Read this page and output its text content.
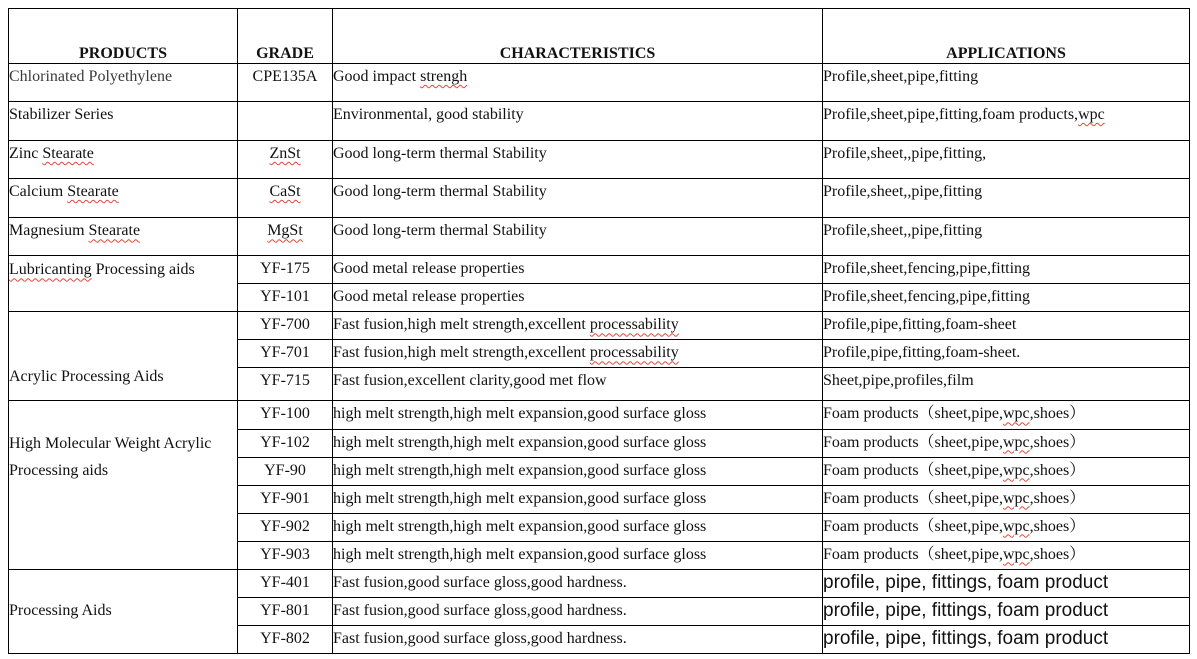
PRODUCTS	GRADE	CHARACTERISTICS	APPLICATIONS
Chlorinated Polyethylene	CPE135A	Good impact strengh	Profile,sheet,pipe,fitting
Stabilizer Series		Environmental, good stability	Profile,sheet,pipe,fitting,foam products,wpc
Zinc Stearate	ZnSt	Good long-term thermal Stability	Profile,sheet,,pipe,fitting,
Calcium Stearate	CaSt	Good long-term thermal Stability	Profile,sheet,,pipe,fitting
Magnesium Stearate	MgSt	Good long-term thermal Stability	Profile,sheet,,pipe,fitting
Lubricanting Processing aids	YF-175	Good metal release properties	Profile,sheet,fencing,pipe,fitting
	YF-101	Good metal release properties	Profile,sheet,fencing,pipe,fitting
Acrylic Processing Aids	YF-700	Fast fusion,high melt strength,excellent processability	Profile,pipe,fitting,foam-sheet
	YF-701	Fast fusion,high melt strength,excellent processability	Profile,pipe,fitting,foam-sheet.
	YF-715	Fast fusion,excellent clarity,good met flow	Sheet,pipe,profiles,film
High Molecular Weight Acrylic Processing aids	YF-100	high melt strength,high melt expansion,good surface gloss	Foam products（sheet,pipe,wpc,shoes）
	YF-102	high melt strength,high melt expansion,good surface gloss	Foam products（sheet,pipe,wpc,shoes）
	YF-90	high melt strength,high melt expansion,good surface gloss	Foam products（sheet,pipe,wpc,shoes）
	YF-901	high melt strength,high melt expansion,good surface gloss	Foam products（sheet,pipe,wpc,shoes）
	YF-902	high melt strength,high melt expansion,good surface gloss	Foam products（sheet,pipe,wpc,shoes）
	YF-903	high melt strength,high melt expansion,good surface gloss	Foam products（sheet,pipe,wpc,shoes）
Processing Aids	YF-401	Fast fusion,good surface gloss,good hardness.	profile, pipe, fittings, foam product
	YF-801	Fast fusion,good surface gloss,good hardness.	profile, pipe, fittings, foam product
	YF-802	Fast fusion,good surface gloss,good hardness.	profile, pipe, fittings, foam product
